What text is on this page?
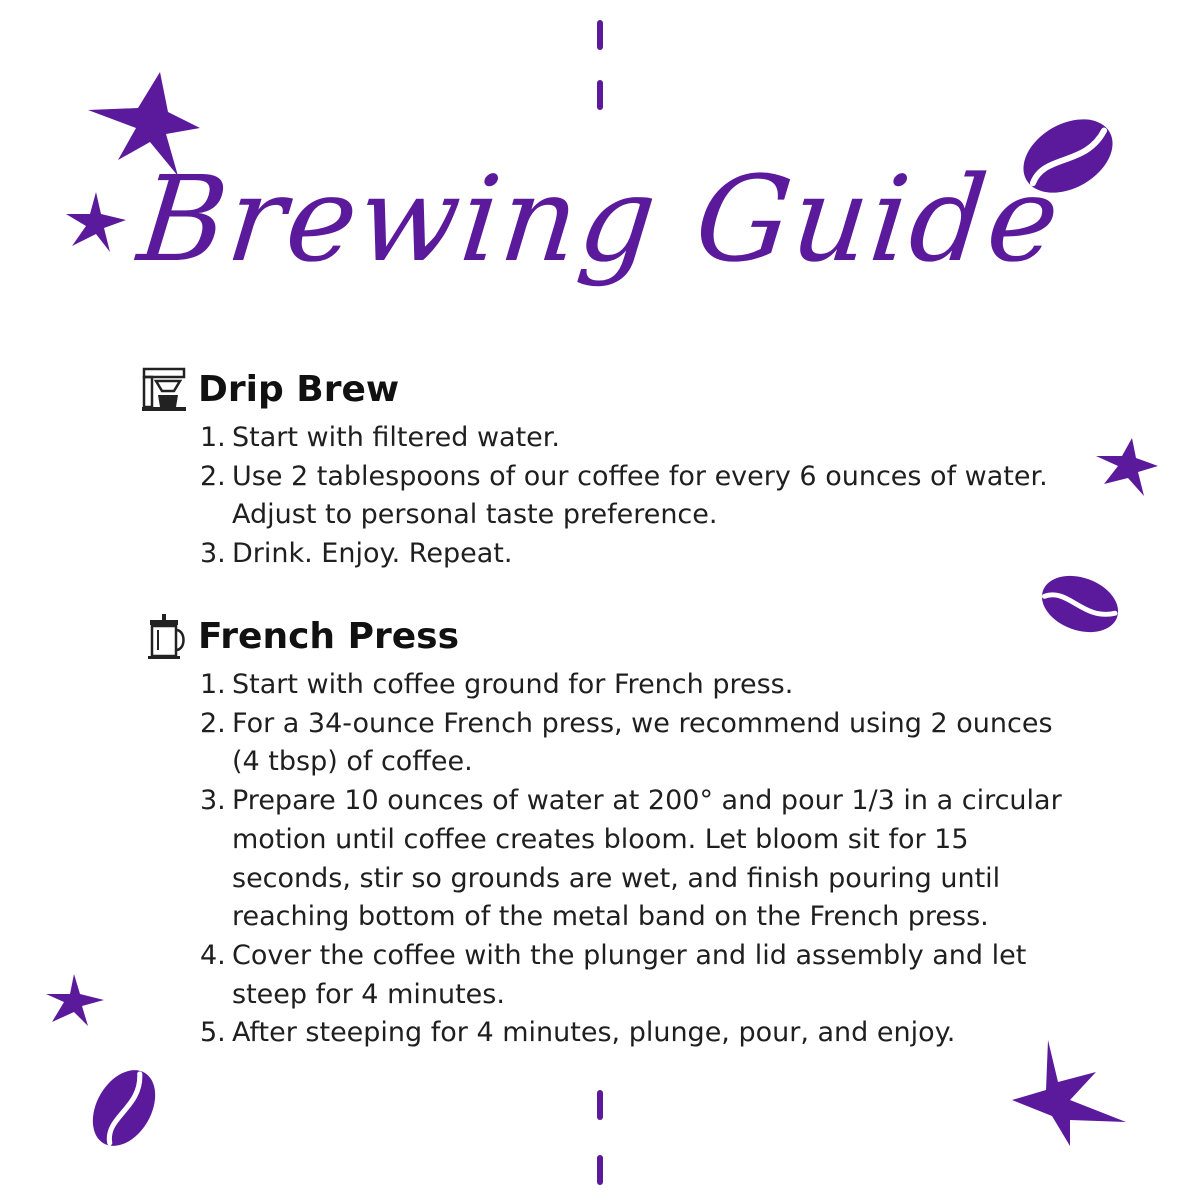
Brewing Guide
Drip Brew
1. Start with filtered water.
2. Use 2 tablespoons of our coffee for every 6 ounces of water. Adjust to personal taste preference.
3. Drink. Enjoy. Repeat.
French Press
1. Start with coffee ground for French press.
2. For a 34-ounce French press, we recommend using 2 ounces (4 tbsp) of coffee.
3. Prepare 10 ounces of water at 200° and pour 1/3 in a circular motion until coffee creates bloom. Let bloom sit for 15 seconds, stir so grounds are wet, and finish pouring until reaching bottom of the metal band on the French press.
4. Cover the coffee with the plunger and lid assembly and let steep for 4 minutes.
5. After steeping for 4 minutes, plunge, pour, and enjoy.
